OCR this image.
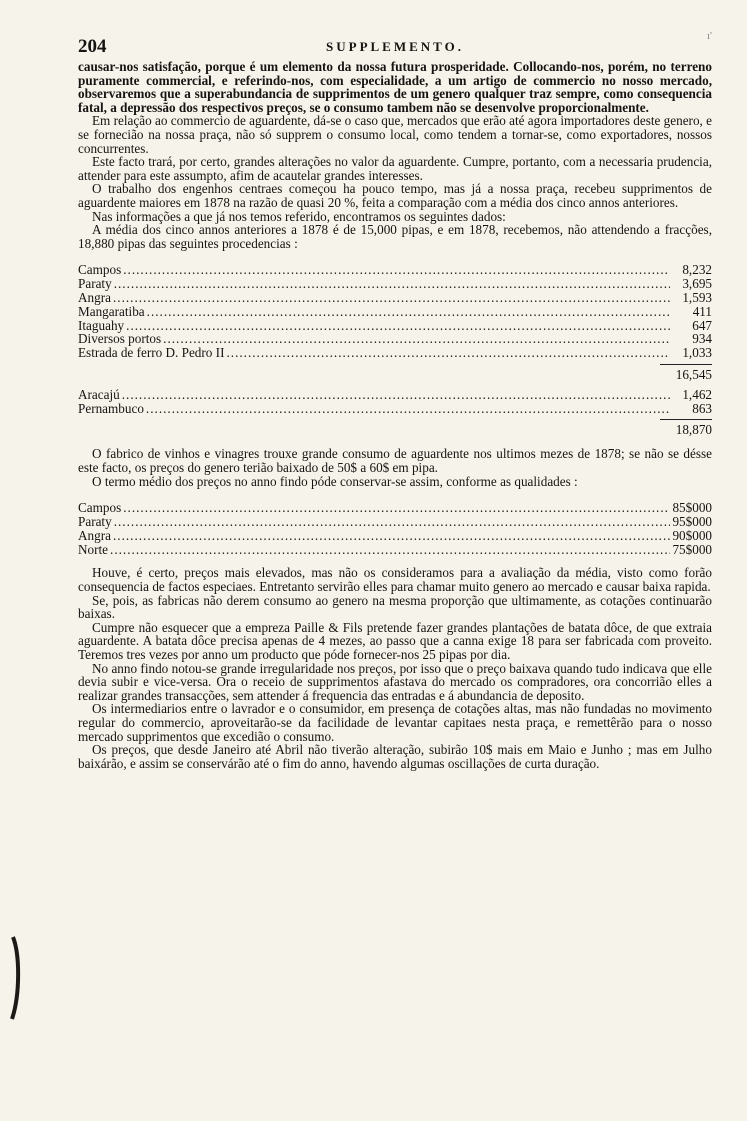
204	SUPPLEMENTO.
ı'

causar-nos satisfação, porque é um elemento da nossa futura prosperidade. Collocando-nos, porém, no terreno puramente commercial, e referindo-nos, com especialidade, a um artigo de commercio no nosso mercado, observaremos que a superabundancia de supprimentos de um genero qualquer traz sempre, como consequencia fatal, a depressão dos respectivos preços, se o consumo tambem não se desenvolve proporcionalmente.

Em relação ao commercio de aguardente, dá-se o caso que, mercados que erão até agora importadores deste genero, e se fornecião na nossa praça, não só supprem o consumo local, como tendem a tornar-se, como exportadores, nossos concurrentes.

Este facto trará, por certo, grandes alterações no valor da aguardente. Cumpre, portanto, com a necessaria prudencia, attender para este assumpto, afim de acautelar grandes interesses.

O trabalho dos engenhos centraes começou ha pouco tempo, mas já a nossa praça, recebeu supprimentos de aguardente maiores em 1878 na razão de quasi 20 %, feita a comparação com a média dos cinco annos anteriores.

Nas informações a que já nos temos referido, encontramos os seguintes dados:

A média dos cinco annos anteriores a 1878 é de 15,000 pipas, e em 1878, recebemos, não attendendo a fracções, 18,880 pipas das seguintes procedencias :

Campos .....	8,232
Paraty .....	3,695
Angra .....	1,593
Mangaratiba .....	411
Itaguahy .....	647
Diversos portos .....	934
Estrada de ferro D. Pedro II .....	1,033
16,545
Aracajú .....	1,462
Pernambuco .....	863
18,870

O fabrico de vinhos e vinagres trouxe grande consumo de aguardente nos ultimos mezes de 1878; se não se désse este facto, os preços do genero terião baixado de 50$ a 60$ em pipa.

O termo médio dos preços no anno findo póde conservar-se assim, conforme as qualidades :

Campos .....	85$000
Paraty .....	95$000
Angra .....	90$000
Norte .....	75$000

Houve, é certo, preços mais elevados, mas não os consideramos para a avaliação da média, visto como forão consequencia de factos especiaes. Entretanto servirão elles para chamar muito genero ao mercado e causar baixa rapida.

Se, pois, as fabricas não derem consumo ao genero na mesma proporção que ultimamente, as cotações continuarão baixas.

Cumpre não esquecer que a empreza Paille & Fils pretende fazer grandes plantações de batata dôce, de que extraia aguardente. A batata dôce precisa apenas de 4 mezes, ao passo que a canna exige 18 para ser fabricada com proveito. Teremos tres vezes por anno um producto que póde fornecer-nos 25 pipas por dia.

No anno findo notou-se grande irregularidade nos preços, por isso que o preço baixava quando tudo indicava que elle devia subir e vice-versa. Ora o receio de supprimentos afastava do mercado os compradores, ora concorrião elles a realizar grandes transacções, sem attender á frequencia das entradas e á abundancia de deposito.

Os intermediarios entre o lavrador e o consumidor, em presença de cotações altas, mas não fundadas no movimento regular do commercio, aproveitarão-se da facilidade de levantar capitaes nesta praça, e remettêrão para o nosso mercado supprimentos que excedião o consumo.

Os preços, que desde Janeiro até Abril não tiverão alteração, subirão 10$ mais em Maio e Junho ; mas em Julho baixárão, e assim se conservárão até o fim do anno, havendo algumas oscillações de curta duração.
